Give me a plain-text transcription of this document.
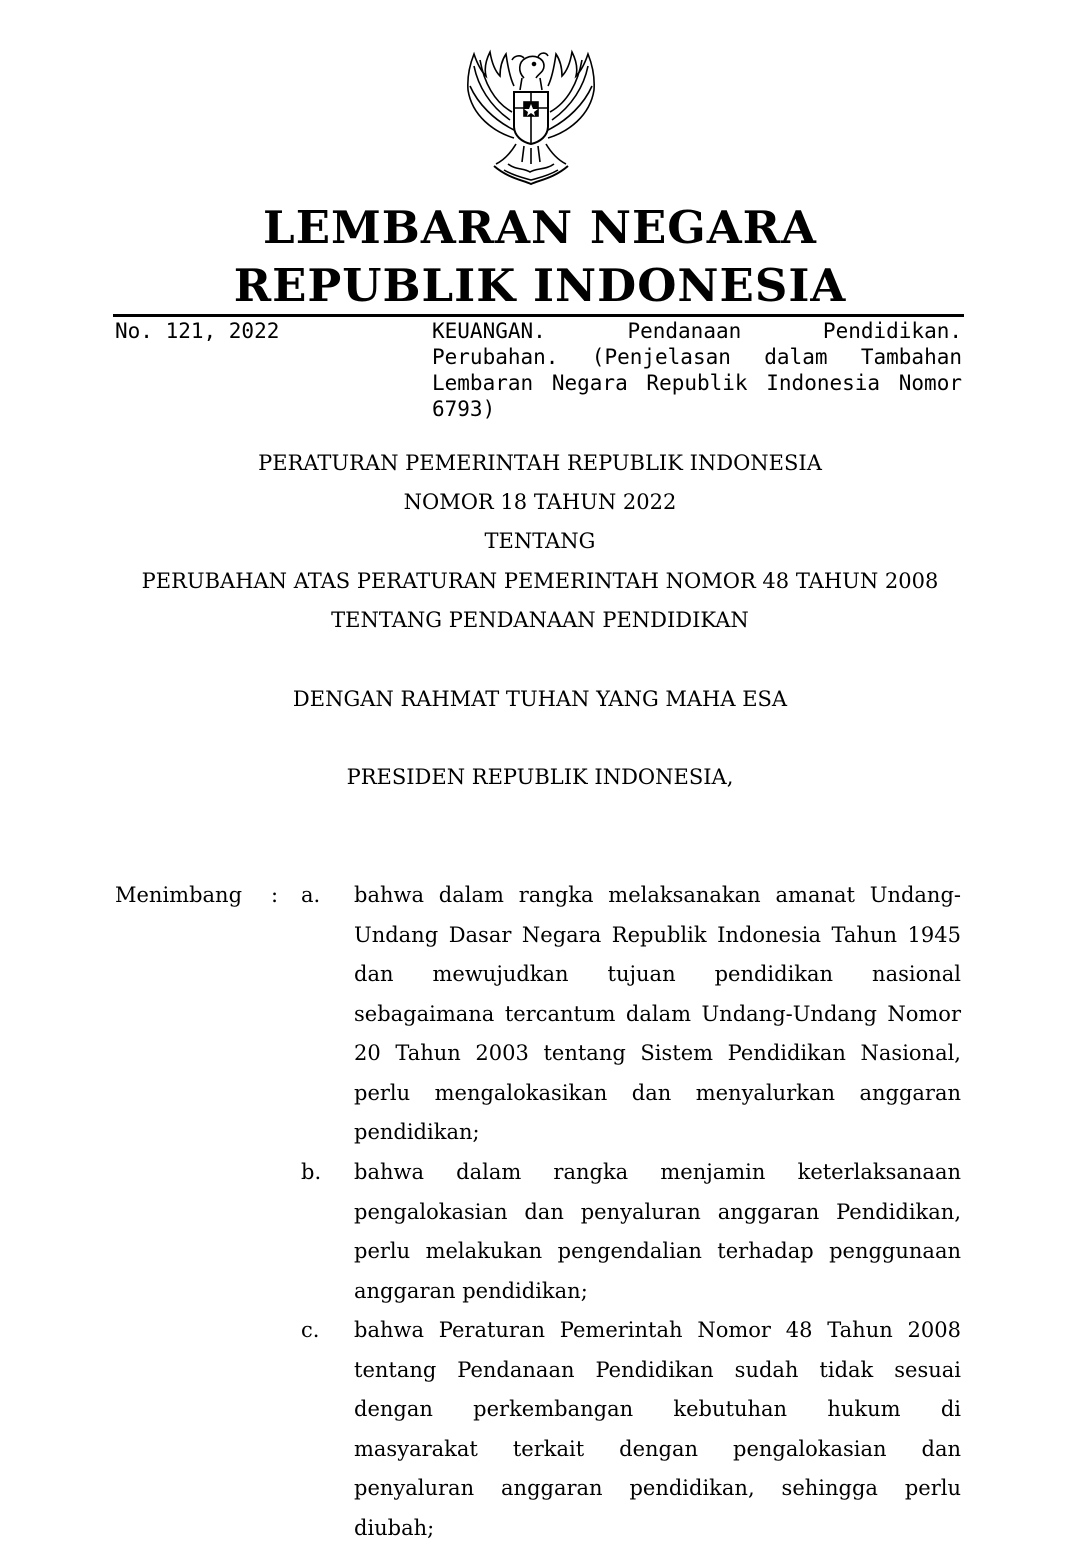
LEMBARAN NEGARA
REPUBLIK INDONESIA
No. 121, 2022	KEUANGAN. Pendanaan Pendidikan.
Perubahan. (Penjelasan dalam Tambahan
Lembaran Negara Republik Indonesia Nomor
6793)
PERATURAN PEMERINTAH REPUBLIK INDONESIA
NOMOR 18 TAHUN 2022
TENTANG
PERUBAHAN ATAS PERATURAN PEMERINTAH NOMOR 48 TAHUN 2008
TENTANG PENDANAAN PENDIDIKAN
DENGAN RAHMAT TUHAN YANG MAHA ESA
PRESIDEN REPUBLIK INDONESIA,
Menimbang : a. bahwa dalam rangka melaksanakan amanat Undang-
Undang Dasar Negara Republik Indonesia Tahun 1945
dan mewujudkan tujuan pendidikan nasional
sebagaimana tercantum dalam Undang-Undang Nomor
20 Tahun 2003 tentang Sistem Pendidikan Nasional,
perlu mengalokasikan dan menyalurkan anggaran
pendidikan;
b. bahwa dalam rangka menjamin keterlaksanaan
pengalokasian dan penyaluran anggaran Pendidikan,
perlu melakukan pengendalian terhadap penggunaan
anggaran pendidikan;
c. bahwa Peraturan Pemerintah Nomor 48 Tahun 2008
tentang Pendanaan Pendidikan sudah tidak sesuai
dengan perkembangan kebutuhan hukum di
masyarakat terkait dengan pengalokasian dan
penyaluran anggaran pendidikan, sehingga perlu
diubah;
